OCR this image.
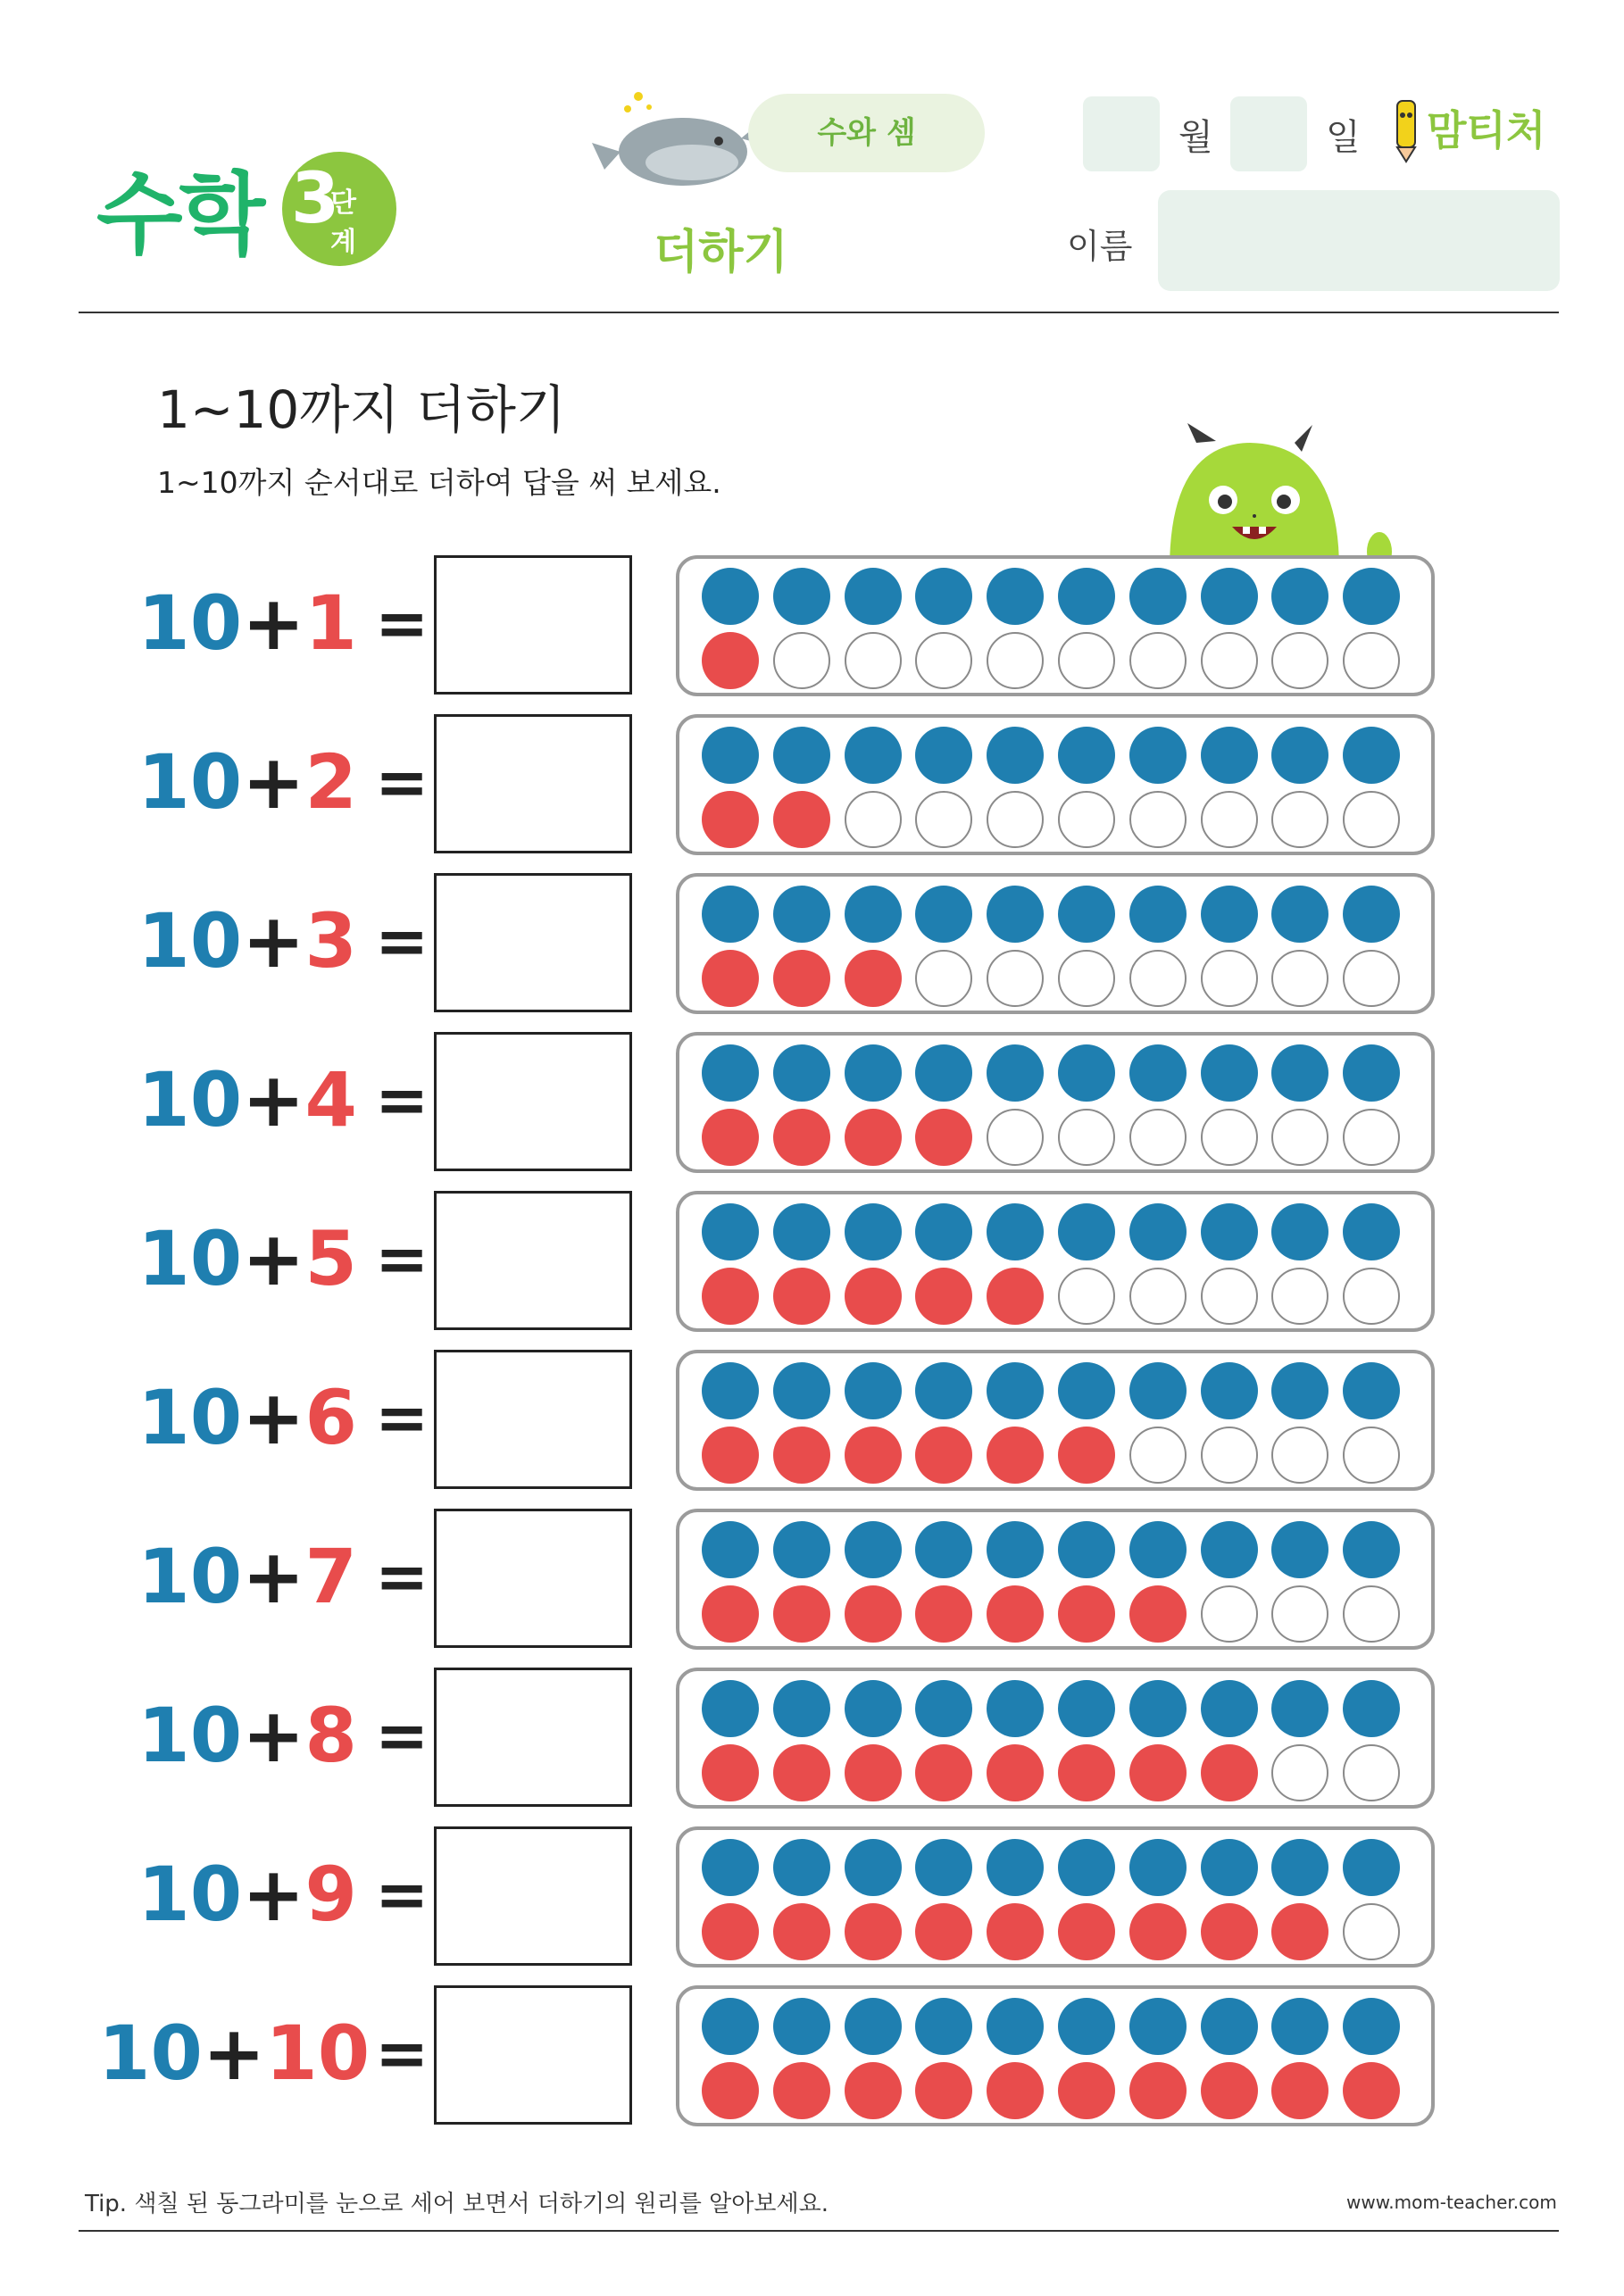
수학 3
단계
수와 셈
더하기
월	일 맘티처
이름
1~10까지 더하기
1~10까지 순서대로 더하여 답을 써 보세요.
10+1 =
10+2 =
10+3 =
10+4 =
10+5 =
10+6 =
10+7 =
10+8 =
10+9 =
10+10 =
Tip. 색칠 된 동그라미를 눈으로 세어 보면서 더하기의 원리를 알아보세요.	www.mom-teacher.com
